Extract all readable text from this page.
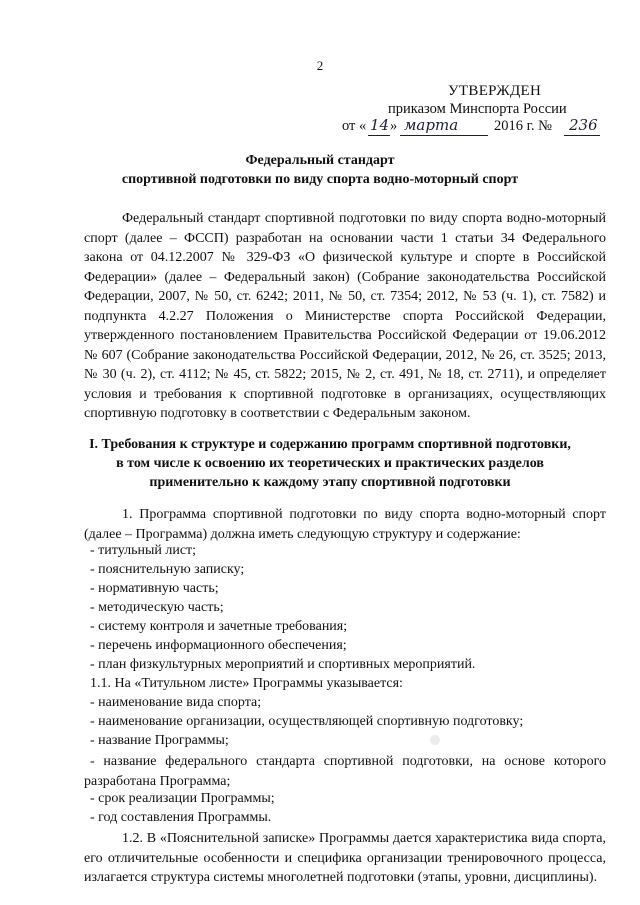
2
УТВЕРЖДЕН
приказом Минспорта России
от « 14 » марта 2016 г. № 236
Федеральный стандарт
спортивной подготовки по виду спорта водно-моторный спорт
Федеральный стандарт спортивной подготовки по виду спорта водно-моторный спорт (далее – ФССП) разработан на основании части 1 статьи 34 Федерального закона от 04.12.2007 № 329-ФЗ «О физической культуре и спорте в Российской Федерации» (далее – Федеральный закон) (Собрание законодательства Российской Федерации, 2007, № 50, ст. 6242; 2011, № 50, ст. 7354; 2012, № 53 (ч. 1), ст. 7582) и подпункта 4.2.27 Положения о Министерстве спорта Российской Федерации, утвержденного постановлением Правительства Российской Федерации от 19.06.2012 № 607 (Собрание законодательства Российской Федерации, 2012, № 26, ст. 3525; 2013, № 30 (ч. 2), ст. 4112; № 45, ст. 5822; 2015, № 2, ст. 491, № 18, ст. 2711), и определяет условия и требования к спортивной подготовке в организациях, осуществляющих спортивную подготовку в соответствии с Федеральным законом.
I. Требования к структуре и содержанию программ спортивной подготовки,
в том числе к освоению их теоретических и практических разделов
применительно к каждому этапу спортивной подготовки
1. Программа спортивной подготовки по виду спорта водно-моторный спорт (далее – Программа) должна иметь следующую структуру и содержание:
- титульный лист;
- пояснительную записку;
- нормативную часть;
- методическую часть;
- систему контроля и зачетные требования;
- перечень информационного обеспечения;
- план физкультурных мероприятий и спортивных мероприятий.
1.1. На «Титульном листе» Программы указывается:
- наименование вида спорта;
- наименование организации, осуществляющей спортивную подготовку;
- название Программы;
- название федерального стандарта спортивной подготовки, на основе которого разработана Программа;
- срок реализации Программы;
- год составления Программы.
1.2. В «Пояснительной записке» Программы дается характеристика вида спорта, его отличительные особенности и специфика организации тренировочного процесса, излагается структура системы многолетней подготовки (этапы, уровни, дисциплины).
